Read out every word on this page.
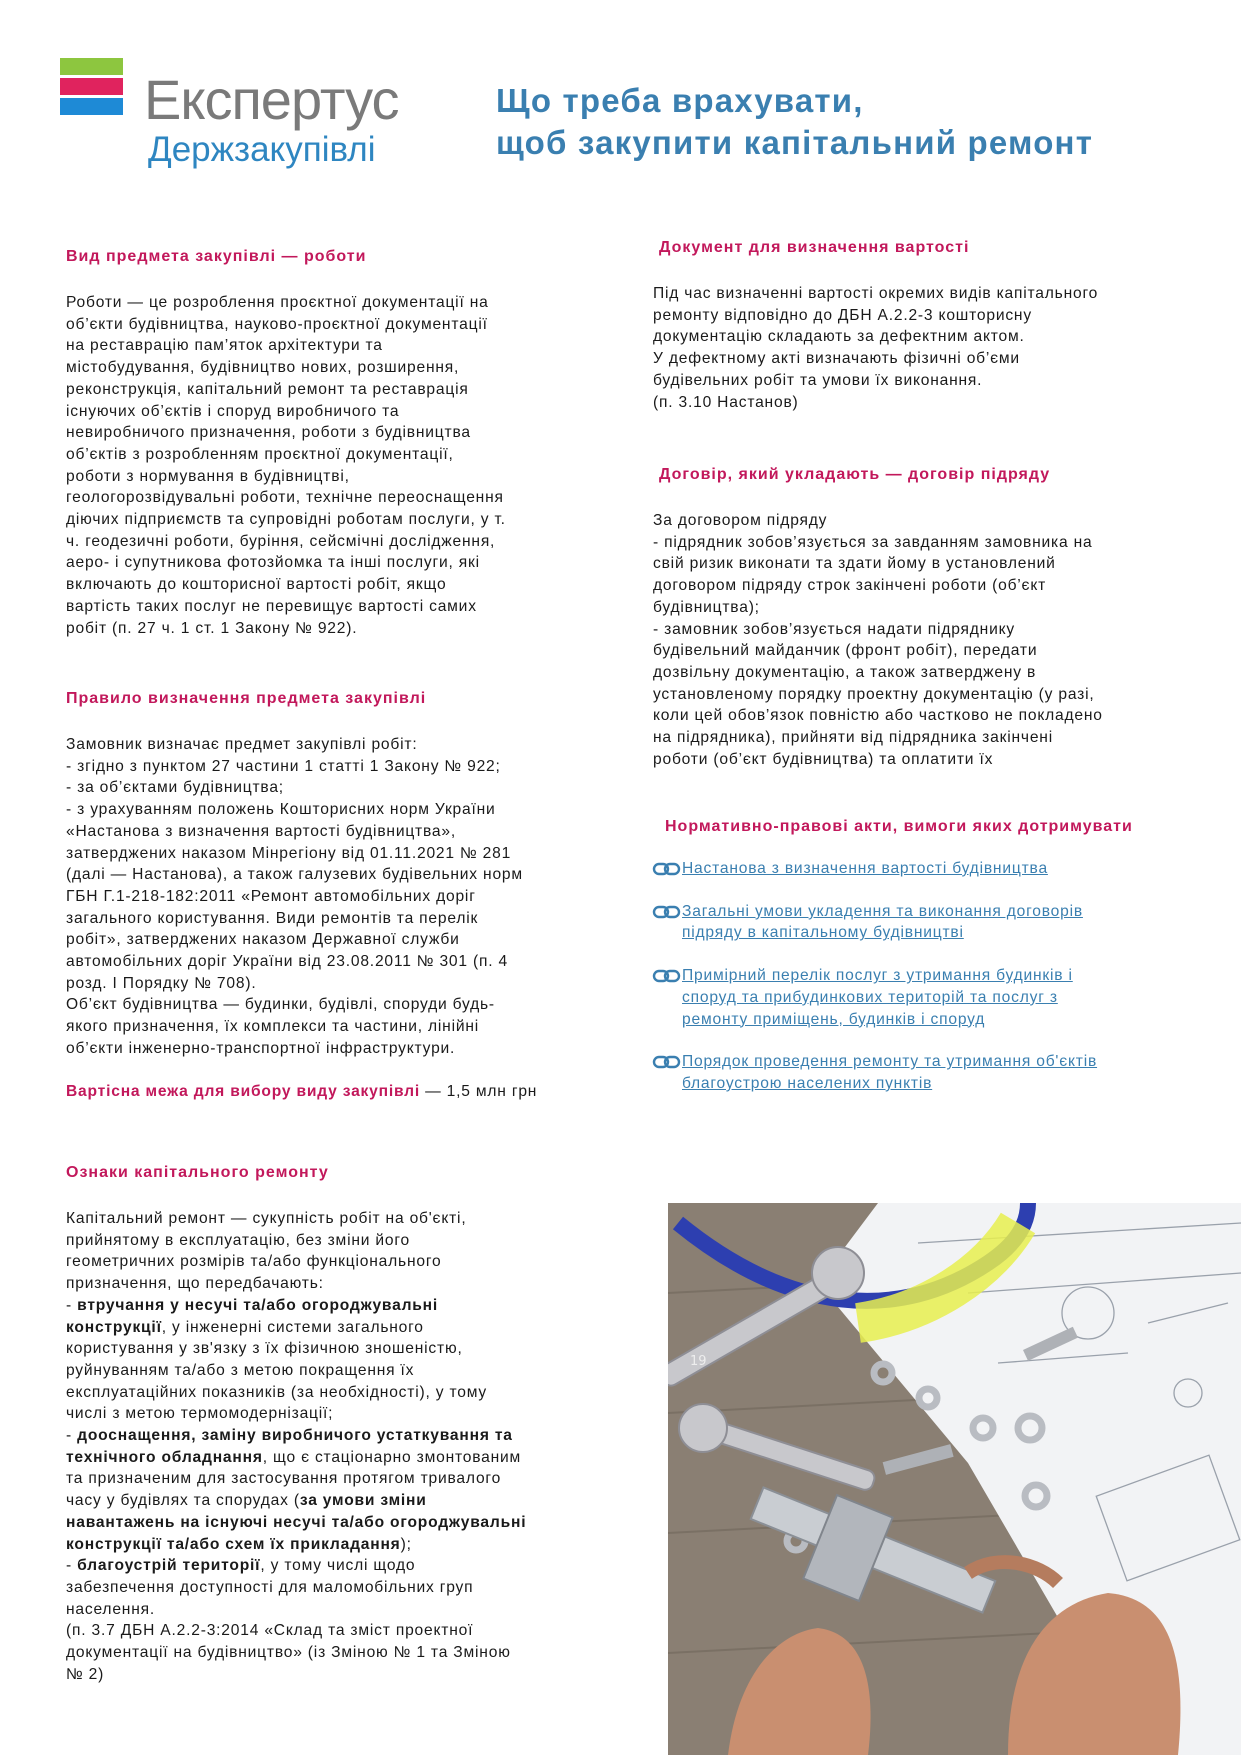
Експертус
Держзакупівлі
Що треба врахувати,
щоб закупити капітальний ремонт
Вид предмета закупівлі — роботи
Роботи — це розроблення проєктної документації на
об’єкти будівництва, науково-проєктної документації
на реставрацію пам’яток архітектури та
містобудування, будівництво нових, розширення,
реконструкція, капітальний ремонт та реставрація
існуючих об’єктів і споруд виробничого та
невиробничого призначення, роботи з будівництва
об’єктів з розробленням проєктної документації,
роботи з нормування в будівництві,
геологорозвідувальні роботи, технічне переоснащення
діючих підприємств та супровідні роботам послуги, у т.
ч. геодезичні роботи, буріння, сейсмічні дослідження,
аеро- і супутникова фотозйомка та інші послуги, які
включають до кошторисної вартості робіт, якщо
вартість таких послуг не перевищує вартості самих
робіт (п. 27 ч. 1 ст. 1 Закону № 922).
Правило визначення предмета закупівлі
Замовник визначає предмет закупівлі робіт:
- згідно з пунктом 27 частини 1 статті 1 Закону № 922;
- за об’єктами будівництва;
- з урахуванням положень Кошторисних норм України
«Настанова з визначення вартості будівництва»,
затверджених наказом Мінрегіону від 01.11.2021 № 281
(далі — Настанова), а також галузевих будівельних норм
ГБН Г.1-218-182:2011 «Ремонт автомобільних доріг
загального користування. Види ремонтів та перелік
робіт», затверджених наказом Державної служби
автомобільних доріг України від 23.08.2011 № 301 (п. 4
розд. І Порядку № 708).
Об’єкт будівництва — будинки, будівлі, споруди будь-
якого призначення, їх комплекси та частини, лінійні
об’єкти інженерно-транспортної інфраструктури.
Вартісна межа для вибору виду закупівлі — 1,5 млн грн
Ознаки капітального ремонту
Капітальний ремонт — сукупність робіт на об'єкті,
прийнятому в експлуатацію, без зміни його
геометричних розмірів та/або функціонального
призначення, що передбачають:
- втручання у несучі та/або огороджувальні
конструкції, у інженерні системи загального
користування у зв'язку з їх фізичною зношеністю,
руйнуванням та/або з метою покращення їх
експлуатаційних показників (за необхідності), у тому
числі з метою термомодернізації;
- дооснащення, заміну виробничого устаткування та
технічного обладнання, що є стаціонарно змонтованим
та призначеним для застосування протягом тривалого
часу у будівлях та спорудах (за умови зміни
навантажень на існуючі несучі та/або огороджувальні
конструкції та/або схем їх прикладання);
- благоустрій території, у тому числі щодо
забезпечення доступності для маломобільних груп
населення.
(п. 3.7 ДБН А.2.2-3:2014 «Склад та зміст проектної
документації на будівництво» (із Зміною № 1 та Зміною
№ 2)
Документ для визначення вартості
Під час визначенні вартості окремих видів капітального
ремонту відповідно до ДБН А.2.2-3 кошторисну
документацію складають за дефектним актом.
У дефектному акті визначають фізичні об’єми
будівельних робіт та умови їх виконання.
(п. 3.10 Настанов)
Договір, який укладають — договір підряду
За договором підряду
- підрядник зобов’язується за завданням замовника на
свій ризик виконати та здати йому в установлений
договором підряду строк закінчені роботи (об’єкт
будівництва);
- замовник зобов’язується надати підряднику
будівельний майданчик (фронт робіт), передати
дозвільну документацію, а також затверджену в
установленому порядку проектну документацію (у разі,
коли цей обов’язок повністю або частково не покладено
на підрядника), прийняти від підрядника закінчені
роботи (об’єкт будівництва) та оплатити їх
Нормативно-правові акти, вимоги яких дотримувати
Настанова з визначення вартості будівництва
Загальні умови укладення та виконання договорів
підряду в капітальному будівництві
Примірний перелік послуг з утримання будинків і
споруд та прибудинкових територій та послуг з
ремонту приміщень, будинків і споруд
Порядок проведення ремонту та утримання об'єктів
благоустрою населених пунктів
19
